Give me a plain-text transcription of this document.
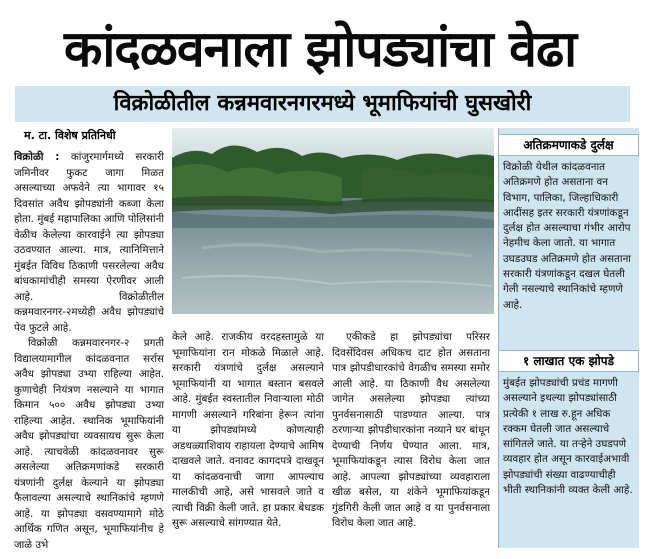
कांदळवनाला झोपड्यांचा वेढा
विक्रोळीतील कन्नमवारनगरमध्ये भूमाफियांची घुसखोरी
म. टा. विशेष प्रतिनिधी

विक्रोळी : कांजुरमार्गमध्ये सरकारी जमिनीवर फुकट जागा मिळत असल्याच्या अफवेने त्या भागावर १५ दिवसांत अवैध झोपड्यांनी कब्जा केला होता. मुंबई महापालिका आणि पोलिसांनी वेळीच केलेल्या कारवाईने त्या झोपड्या उठवण्यात आल्या. मात्र, त्यानिमित्ताने मुंबईत विविध ठिकाणी पसरलेल्या अवैध बांधकामांचीही समस्या ऐरणीवर आली आहे. विक्रोळीतील कन्नमवारनगर-२मध्येही अवैध झोपड्यांचे पेव फुटले आहे.

विक्रोळी कन्नमवारनगर-२ प्रगती विद्यालयामागील कांदळवनात सर्रास अवैध झोपड्या उभ्या राहिल्या आहेत. कुणाचेही नियंत्रण नसल्याने या भागात किमान ५०० अवैध झोपड्या उभ्या राहिल्या आहेत. स्थानिक भूमाफियांनी अवैध झोपड्यांचा व्यवसायच सुरू केला आहे. त्याचवेळी कांदळवनावर सुरू असलेल्या अतिक्रमणांकडे सरकारी यंत्रणांनी दुर्लक्ष केल्याने या झोपड्या फैलावल्या असल्याचे स्थानिकांचे म्हणणे आहे. या झोपड्या वसवण्यामागे मोठे आर्थिक गणित असून, भूमाफियांनीच हे जाळे उभे

केले आहे. राजकीय वरदहस्तामुळे या भूमाफियांना रान मोकळे मिळाले आहे. सरकारी यंत्रणांचे दुर्लक्ष असल्याने भूमाफियांनी या भागात बस्तान बसवले आहे. मुंबईत स्वस्तातील निवाऱ्याला मोठी मागणी असल्याने गरिबांना हेरून त्यांना या झोपड्यांमध्ये कोणत्याही अडथळ्याशिवाय राहायला देण्याचे आमिष दाखवले जाते. वनावट कागदपत्रे दाखवून या कांदळवनाची जागा आपल्याच मालकीची आहे, असे भासवले जाते व त्याची विक्री केली जाते. हा प्रकार बेधडक सुरू असल्याचे सांगण्यात येते.

एकीकडे हा झोपड्यांचा परिसर दिवसेंदिवस अधिकच दाट होत असताना पात्र झोपडीधारकांचे वेगळीच समस्या समोर आली आहे. या ठिकाणी वैध असलेल्या जागेत असलेल्या झोपड्या त्यांच्या पुनर्वसनासाठी पाडण्यात आल्या. पात्र ठरणाऱ्या झोपडीधारकांना नव्याने घर बांधून देण्याची निर्णय घेण्यात आला. मात्र, भूमाफियांकडून त्यास विरोध केला जात आहे. आपल्या झोपड्यांच्या व्यवहाराला खीळ बसेल, या शंकेने भूमाफियांकडून गुंडगिरी केली जात आहे व या पुनर्वसनाला विरोध केला जात आहे.

अतिक्रमणाकडे दुर्लक्ष
विक्रोळी येथील कांदळवनात अतिक्रमणे होत असताना वन विभाग, पालिका, जिल्हाधिकारी आदींसह इतर सरकारी यंत्रणांकडून दुर्लक्ष होत असल्याचा गंभीर आरोप नेहमीच केला जातो. या भागात उघडउघड अतिक्रमणे होत असताना सरकारी यंत्रणांकडून दखल घेतली गेली नसल्याचे स्थानिकांचे म्हणणे आहे.
१ लाखात एक झोपडे
मुंबईत झोपड्यांची प्रचंड मागणी असल्याने इथल्या झोपड्यांसाठी प्रत्येकी १ लाख रु.हून अधिक रक्कम घेतली जात असल्याचे सांगितले जाते. या तऱ्हेने उघडपणे व्यवहार होत असून कारवाईअभावी झोपड्यांची संख्या वाढण्याचीही भीती स्थानिकांनी व्यक्त केली आहे.
